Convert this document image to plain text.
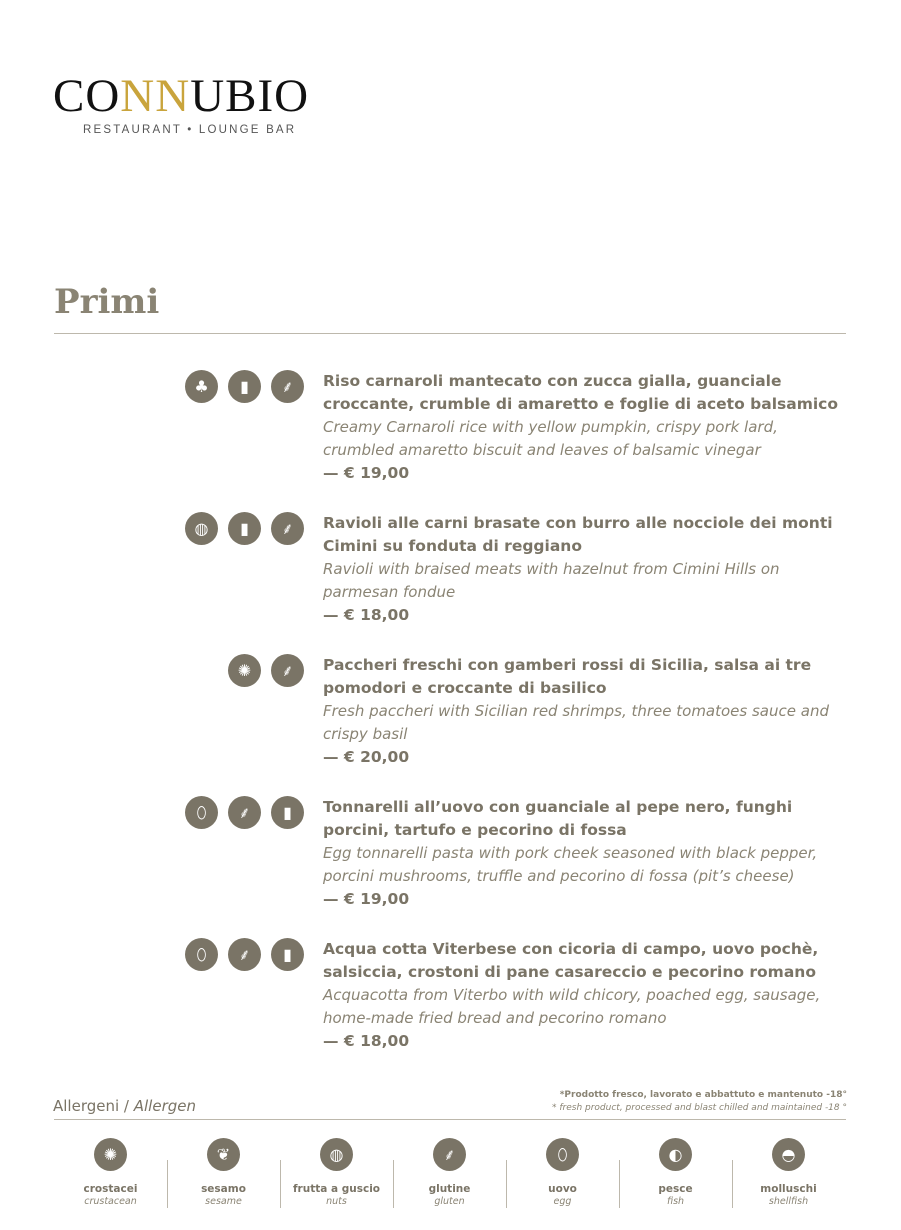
CONNUBIO
RESTAURANT • LOUNGE BAR
Primi
♣	▮	⸙	Riso carnaroli mantecato con zucca gialla, guanciale croccante, crumble di amaretto e foglie di aceto balsamico

Creamy Carnaroli rice with yellow pumpkin, crispy pork lard, crumbled amaretto biscuit and leaves of balsamic vinegar

— € 19,00

◍	▮	⸙	Ravioli alle carni brasate con burro alle nocciole dei monti Cimini su fonduta di reggiano

Ravioli with braised meats with hazelnut from Cimini Hills on parmesan fondue

— € 18,00

✺	⸙	Paccheri freschi con gamberi rossi di Sicilia, salsa ai tre pomodori e croccante di basilico

Fresh paccheri with Sicilian red shrimps, three tomatoes sauce and crispy basil

— € 20,00

⬯	⸙	▮	Tonnarelli all’uovo con guanciale al pepe nero, funghi porcini, tartufo e pecorino di fossa

Egg tonnarelli pasta with pork cheek seasoned with black pepper, porcini mushrooms, truffle and pecorino di fossa (pit’s cheese)

— € 19,00

⬯	⸙	▮	Acqua cotta Viterbese con cicoria di campo, uovo pochè, salsiccia, crostoni di pane casareccio e pecorino romano

Acquacotta from Viterbo with wild chicory, poached egg, sausage, home-made fried bread and pecorino romano

— € 18,00

Allergeni / Allergen
*Prodotto fresco, lavorato e abbattuto e mantenuto -18°
* fresh product, processed and blast chilled and maintained -18 °
✺
crostacei
crustacean
❦
sesamo
sesame
◍
frutta a guscio
nuts
⸙
glutine
gluten
⬯
uovo
egg
◐
pesce
fish
◓
molluschi
shellfish
